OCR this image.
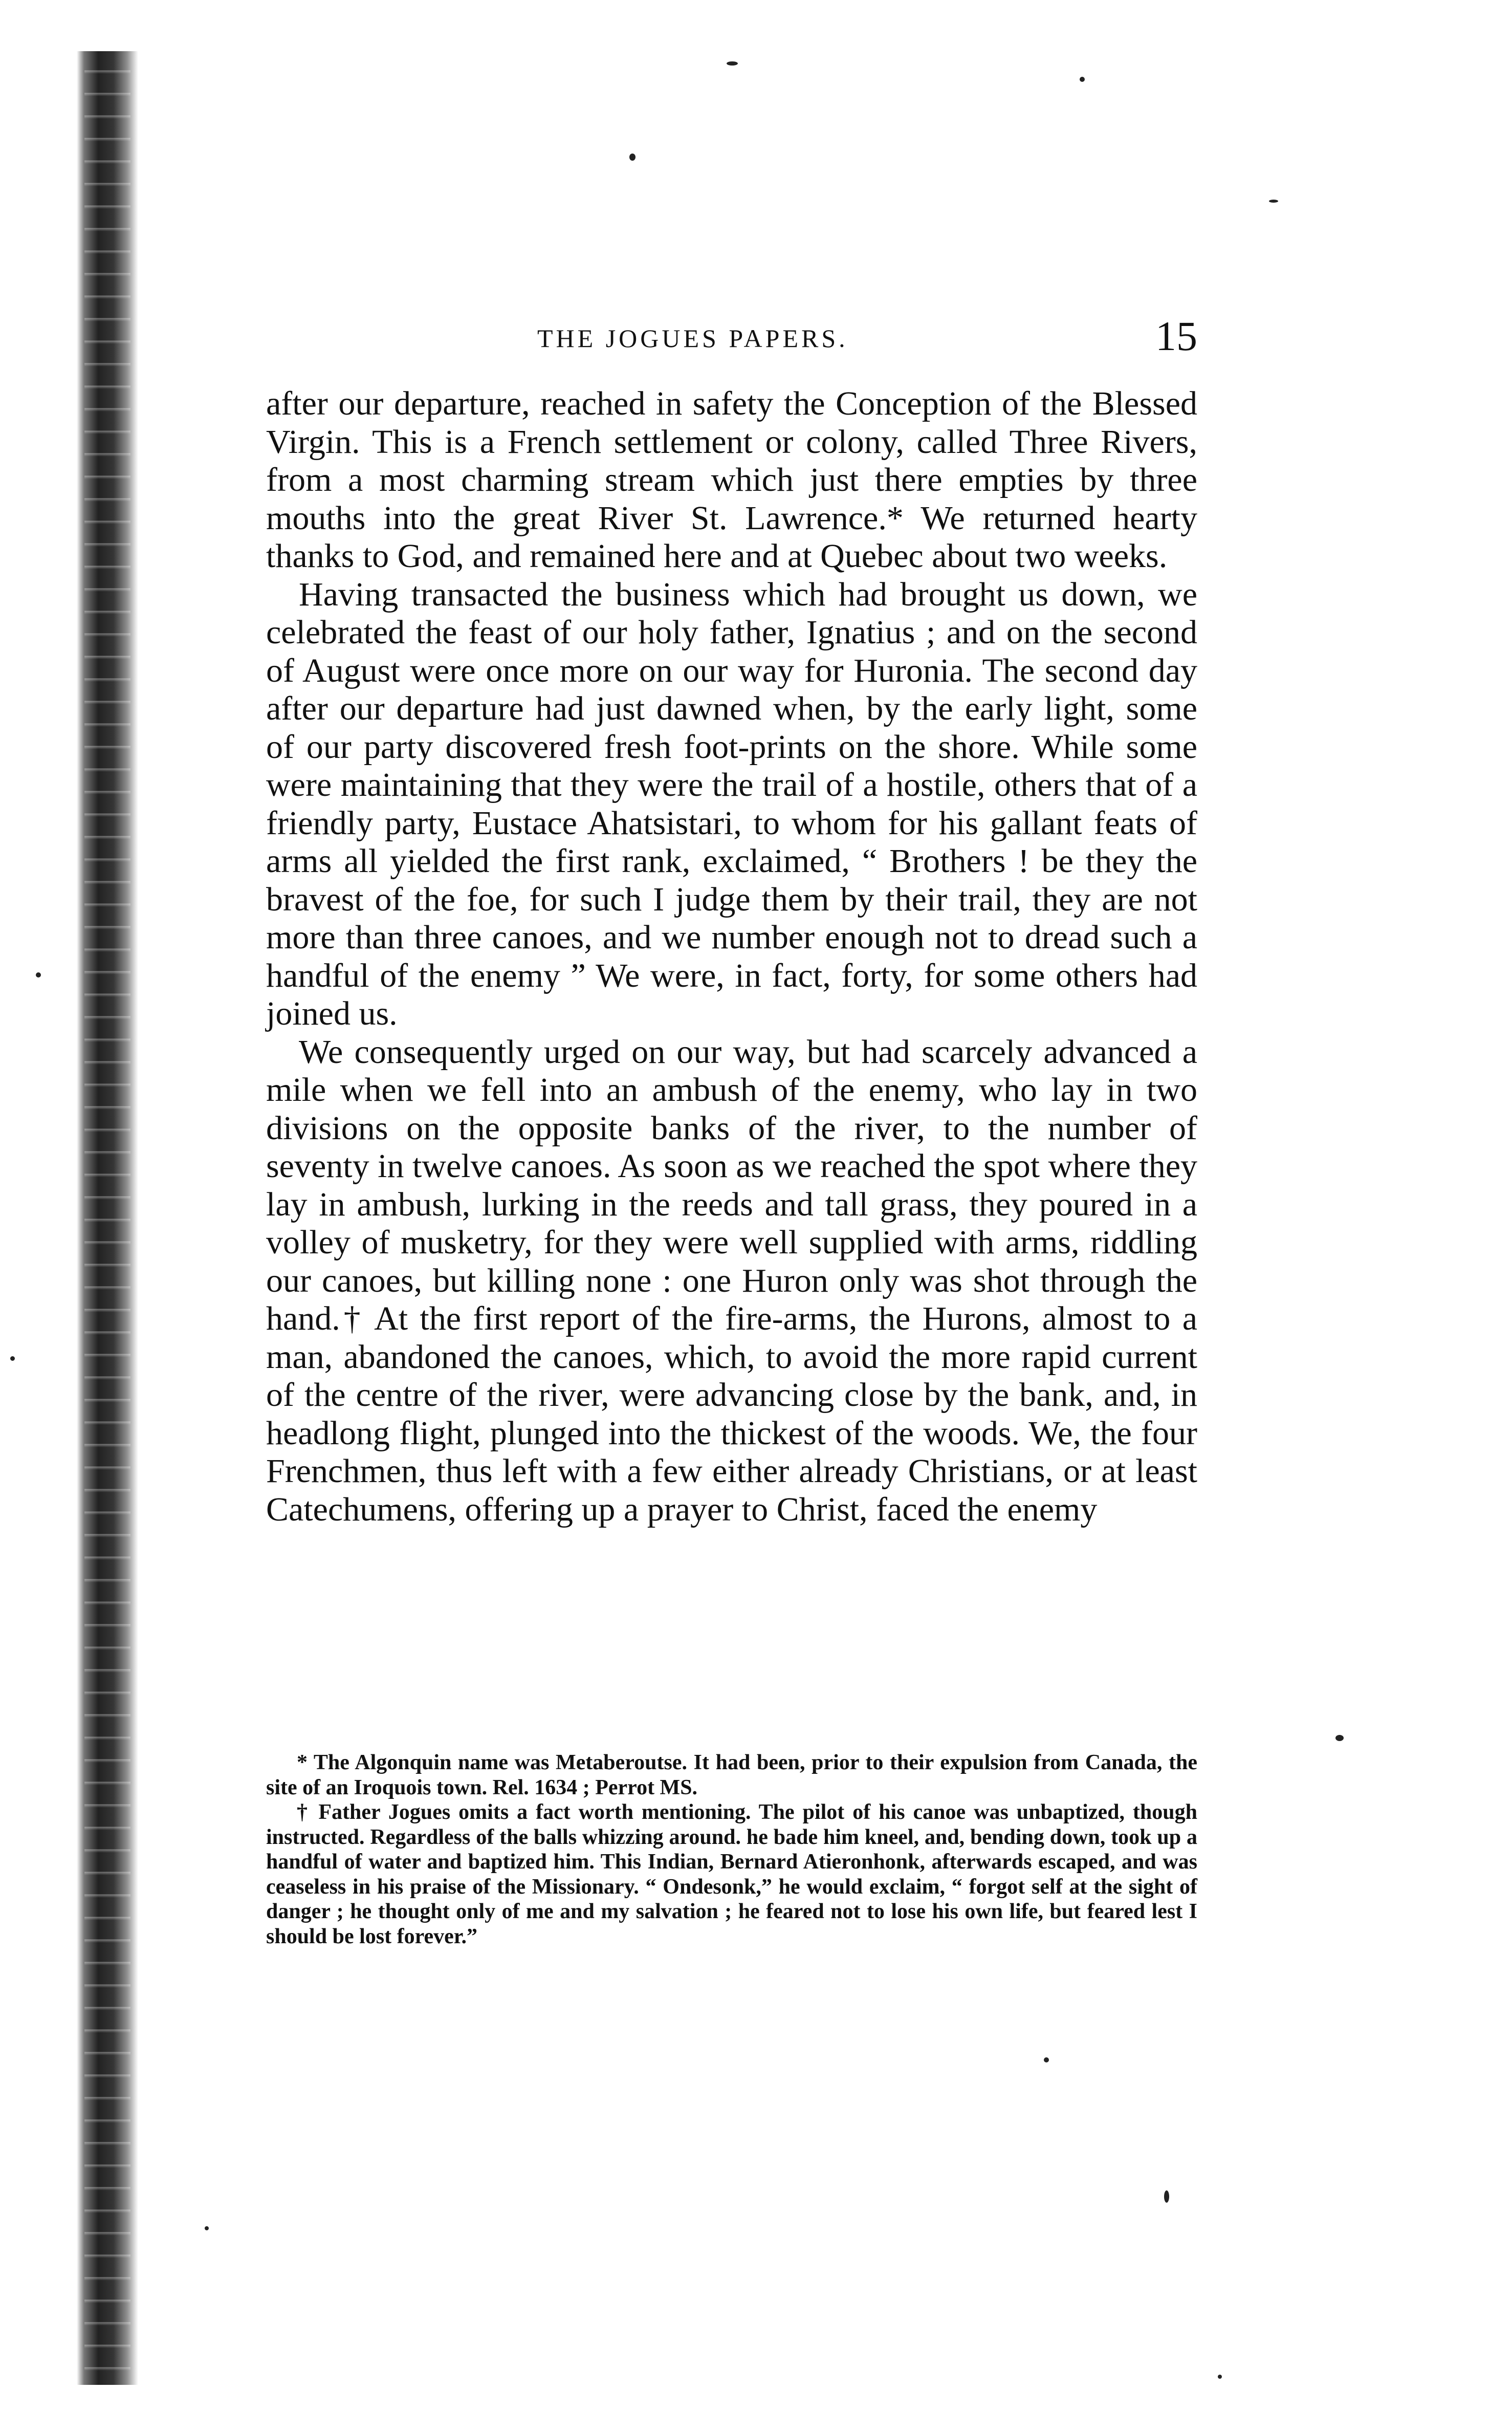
THE JOGUES PAPERS.	15

after our departure, reached in safety the Conception of the Blessed Virgin. This is a French settlement or colony, called Three Rivers, from a most charming stream which just there empties by three mouths into the great River St. Lawrence.* We returned hearty thanks to God, and remained here and at Quebec about two weeks.

Having transacted the business which had brought us down, we celebrated the feast of our holy father, Ignatius ; and on the second of August were once more on our way for Huronia. The second day after our departure had just dawned when, by the early light, some of our party discovered fresh foot-prints on the shore. While some were maintaining that they were the trail of a hostile, others that of a friendly party, Eustace Ahatsistari, to whom for his gallant feats of arms all yielded the first rank, exclaimed, “ Brothers ! be they the bravest of the foe, for such I judge them by their trail, they are not more than three canoes, and we number enough not to dread such a handful of the enemy ” We were, in fact, forty, for some others had joined us.

We consequently urged on our way, but had scarcely advanced a mile when we fell into an ambush of the enemy, who lay in two divisions on the opposite banks of the river, to the number of seventy in twelve canoes. As soon as we reached the spot where they lay in ambush, lurking in the reeds and tall grass, they poured in a volley of musketry, for they were well supplied with arms, riddling our canoes, but killing none : one Huron only was shot through the hand.† At the first report of the fire-arms, the Hurons, almost to a man, abandoned the canoes, which, to avoid the more rapid current of the centre of the river, were advancing close by the bank, and, in headlong flight, plunged into the thickest of the woods. We, the four Frenchmen, thus left with a few either already Christians, or at least Catechumens, offering up a prayer to Christ, faced the enemy

* The Algonquin name was Metaberoutse. It had been, prior to their expulsion from Canada, the site of an Iroquois town. Rel. 1634 ; Perrot MS.

† Father Jogues omits a fact worth mentioning. The pilot of his canoe was unbaptized, though instructed. Regardless of the balls whizzing around. he bade him kneel, and, bending down, took up a handful of water and baptized him. This Indian, Bernard Atieronhonk, afterwards escaped, and was ceaseless in his praise of the Missionary. “ Ondesonk,” he would exclaim, “ forgot self at the sight of danger ; he thought only of me and my salvation ; he feared not to lose his own life, but feared lest I should be lost forever.”
